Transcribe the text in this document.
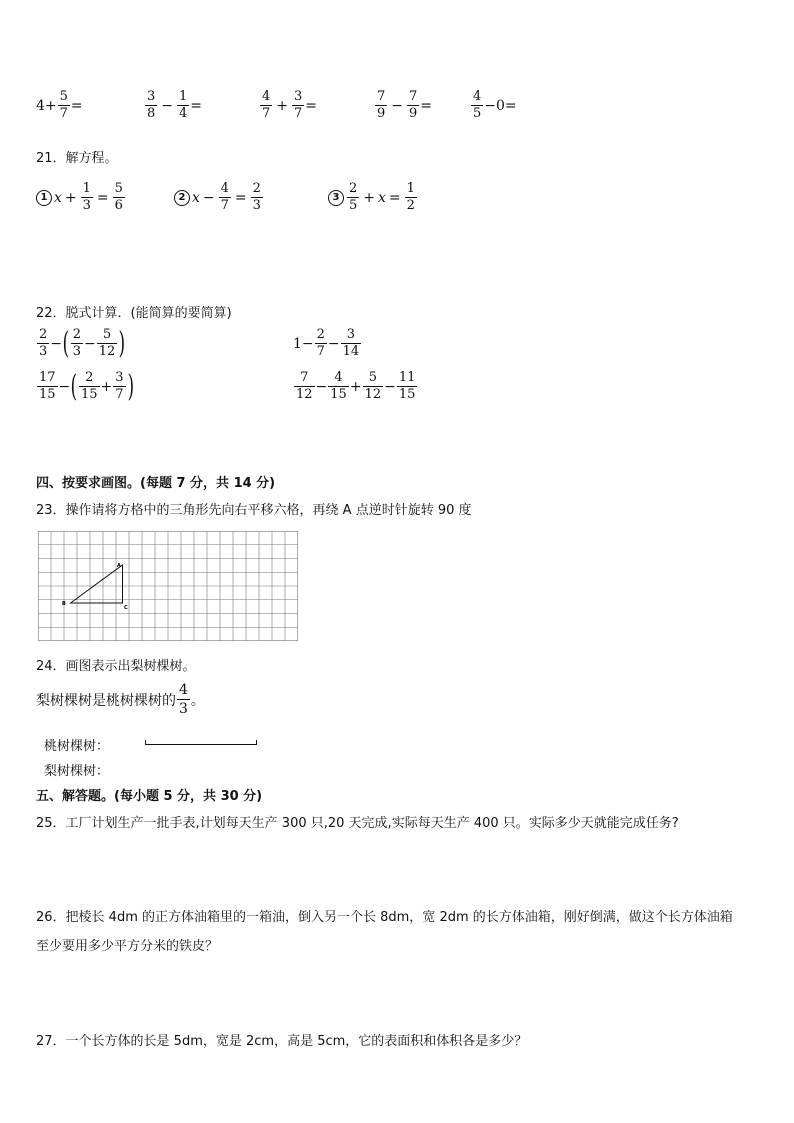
$4+ \frac{5}{7}$ =	$\frac{3}{8} - \frac{1}{4}$ =	$\frac{4}{7} + \frac{3}{7}$ =	$\frac{7}{9} - \frac{7}{9}$ =	$\frac{4}{5} -0=$
21．解方程。
1 $x + \frac{1}{3} = \frac{5}{6}$	2 $x - \frac{4}{7} = \frac{2}{3}$	$3 \frac{2}{5} + x = \frac{1}{2}$
22．脱式计算．(能简算的要简算)
$\frac{2}{3}$ − ( $\frac{2}{3} - \frac{5}{12}$ )	$1- \frac{2}{7} - \frac{3}{14}$
$\frac{17}{15}$ − ( $\frac{2}{15} + \frac{3}{7}$ )	$\frac{7}{12} - \frac{4}{15} + \frac{5}{12} - \frac{11}{15}$
四、按要求画图。(每题 7 分，共 14 分)
23．操作请将方格中的三角形先向右平移六格，再绕 A 点逆时针旋转 90 度
A
B
C
24．画图表示出梨树棵树。
梨树棵树是桃树棵树的 $\frac{4}{3}$ 。
桃树棵树：
梨树棵树：
五、解答题。(每小题 5 分，共 30 分)
25．工厂计划生产一批手表,计划每天生产 300 只,20 天完成,实际每天生产 400 只。实际多少天就能完成任务?
26．把棱长 4dm 的正方体油箱里的一箱油，倒入另一个长 8dm，宽 2dm 的长方体油箱，刚好倒满，做这个长方体油箱
至少要用多少平方分米的铁皮？
27．一个长方体的长是 5dm，宽是 2cm，高是 5cm，它的表面积和体积各是多少？
